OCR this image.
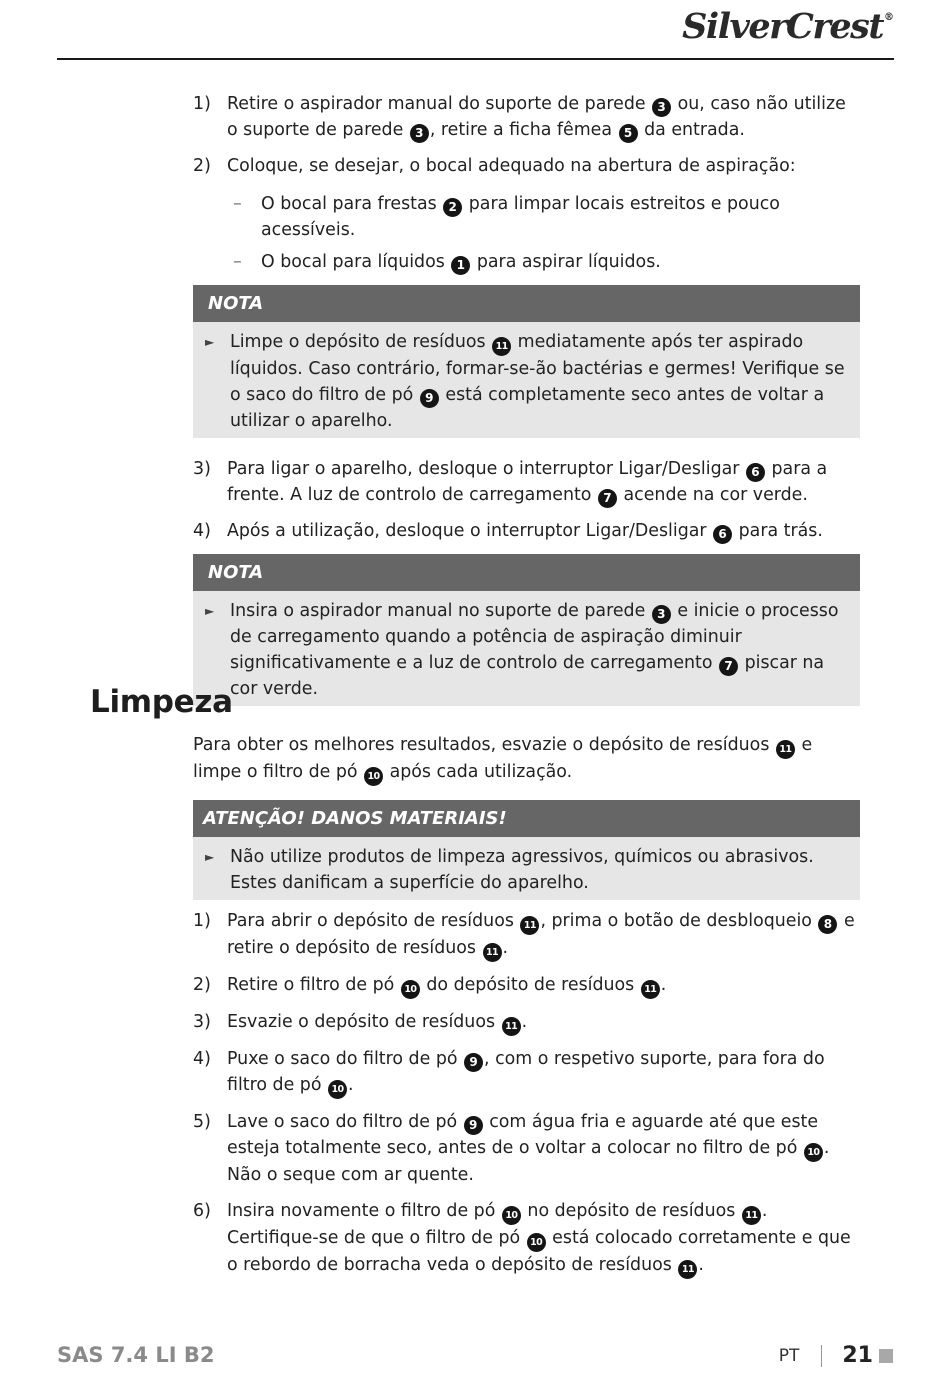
SilverCrest®
1) Retire o aspirador manual do suporte de parede 3 ou, caso não utilize o suporte de parede 3 , retire a ficha fêmea 5 da entrada.
2) Coloque, se desejar, o bocal adequado na abertura de aspiração:
–	O bocal para frestas 2 para limpar locais estreitos e pouco acessíveis.
–	O bocal para líquidos 1 para aspirar líquidos.
NOTA
► Limpe o depósito de resíduos 11 mediatamente após ter aspirado líquidos. Caso contrário, formar-se-ão bactérias e germes! Verifique se o saco do filtro de pó 9 está completamente seco antes de voltar a utilizar o aparelho.
3) Para ligar o aparelho, desloque o interruptor Ligar/Desligar 6 para a frente. A luz de controlo de carregamento 7 acende na cor verde.
4) Após a utilização, desloque o interruptor Ligar/Desligar 6 para trás.
NOTA
► Insira o aspirador manual no suporte de parede 3 e inicie o processo de carregamento quando a potência de aspiração diminuir significativamente e a luz de controlo de carregamento 7 piscar na cor verde.
Limpeza

Para obter os melhores resultados, esvazie o depósito de resíduos 11 e limpe o filtro de pó 10 após cada utilização.

ATENÇÃO! DANOS MATERIAIS!
► Não utilize produtos de limpeza agressivos, químicos ou abrasivos. Estes danificam a superfície do aparelho.
1) Para abrir o depósito de resíduos 11 , prima o botão de desbloqueio 8 e retire o depósito de resíduos 11 .
2) Retire o filtro de pó 10 do depósito de resíduos 11 .
3) Esvazie o depósito de resíduos 11 .
4) Puxe o saco do filtro de pó 9 , com o respetivo suporte, para fora do filtro de pó 10 .
5) Lave o saco do filtro de pó 9 com água fria e aguarde até que este esteja totalmente seco, antes de o voltar a colocar no filtro de pó 10 . Não o seque com ar quente.
6) Insira novamente o filtro de pó 10 no depósito de resíduos 11 . Certifique-se de que o filtro de pó 10 está colocado corretamente e que o rebordo de borracha veda o depósito de resíduos 11 .
SAS 7.4 LI B2	PT 21
